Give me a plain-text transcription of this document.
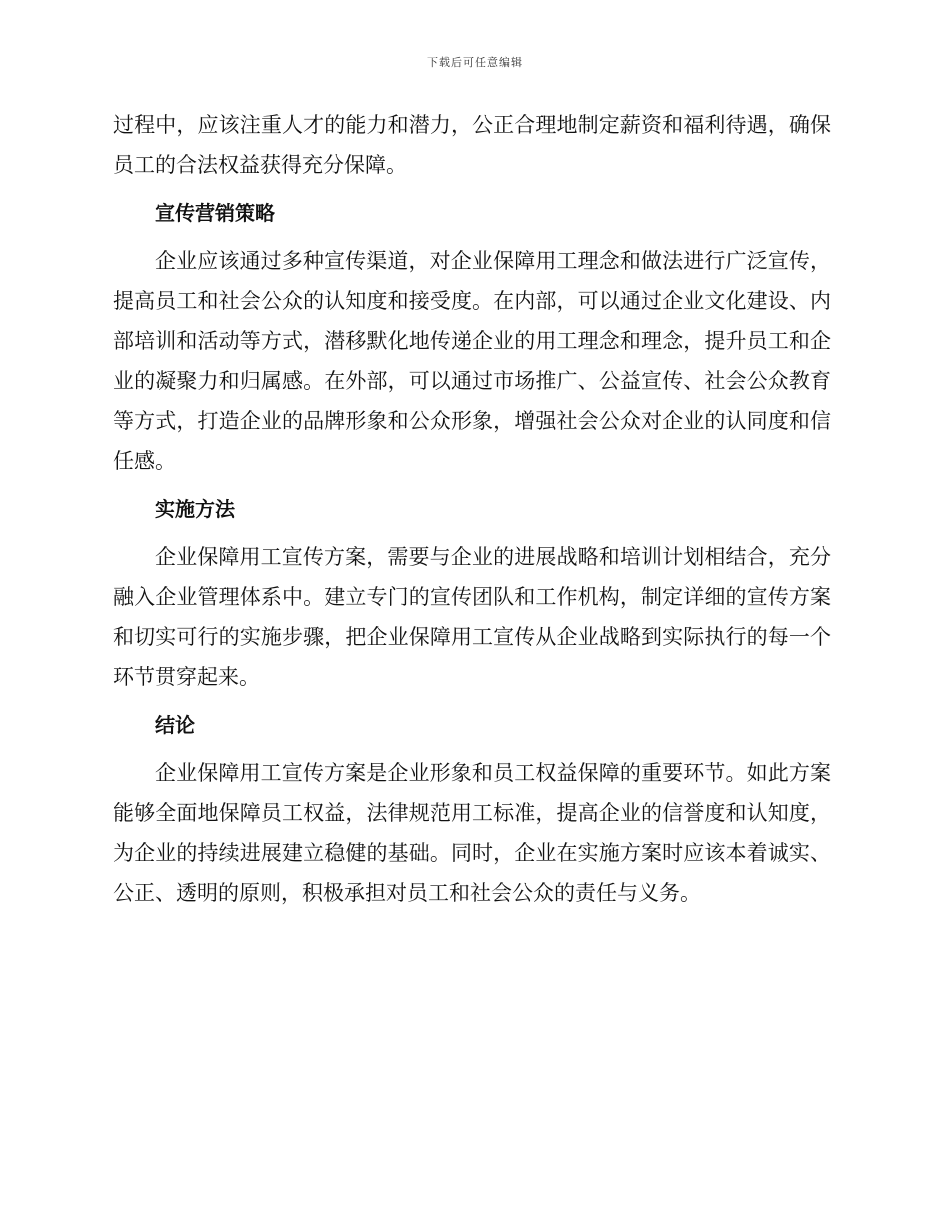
下载后可任意编辑

过程中，应该注重人才的能力和潜力，公正合理地制定薪资和福利待遇，确保员工的合法权益获得充分保障。

宣传营销策略

企业应该通过多种宣传渠道，对企业保障用工理念和做法进行广泛宣传，提高员工和社会公众的认知度和接受度。在内部，可以通过企业文化建设、内部培训和活动等方式，潜移默化地传递企业的用工理念和理念，提升员工和企业的凝聚力和归属感。在外部，可以通过市场推广、公益宣传、社会公众教育等方式，打造企业的品牌形象和公众形象，增强社会公众对企业的认同度和信任感。

实施方法

企业保障用工宣传方案，需要与企业的进展战略和培训计划相结合，充分融入企业管理体系中。建立专门的宣传团队和工作机构，制定详细的宣传方案和切实可行的实施步骤，把企业保障用工宣传从企业战略到实际执行的每一个环节贯穿起来。

结论

企业保障用工宣传方案是企业形象和员工权益保障的重要环节。如此方案能够全面地保障员工权益，法律规范用工标准，提高企业的信誉度和认知度，为企业的持续进展建立稳健的基础。同时，企业在实施方案时应该本着诚实、公正、透明的原则，积极承担对员工和社会公众的责任与义务。
